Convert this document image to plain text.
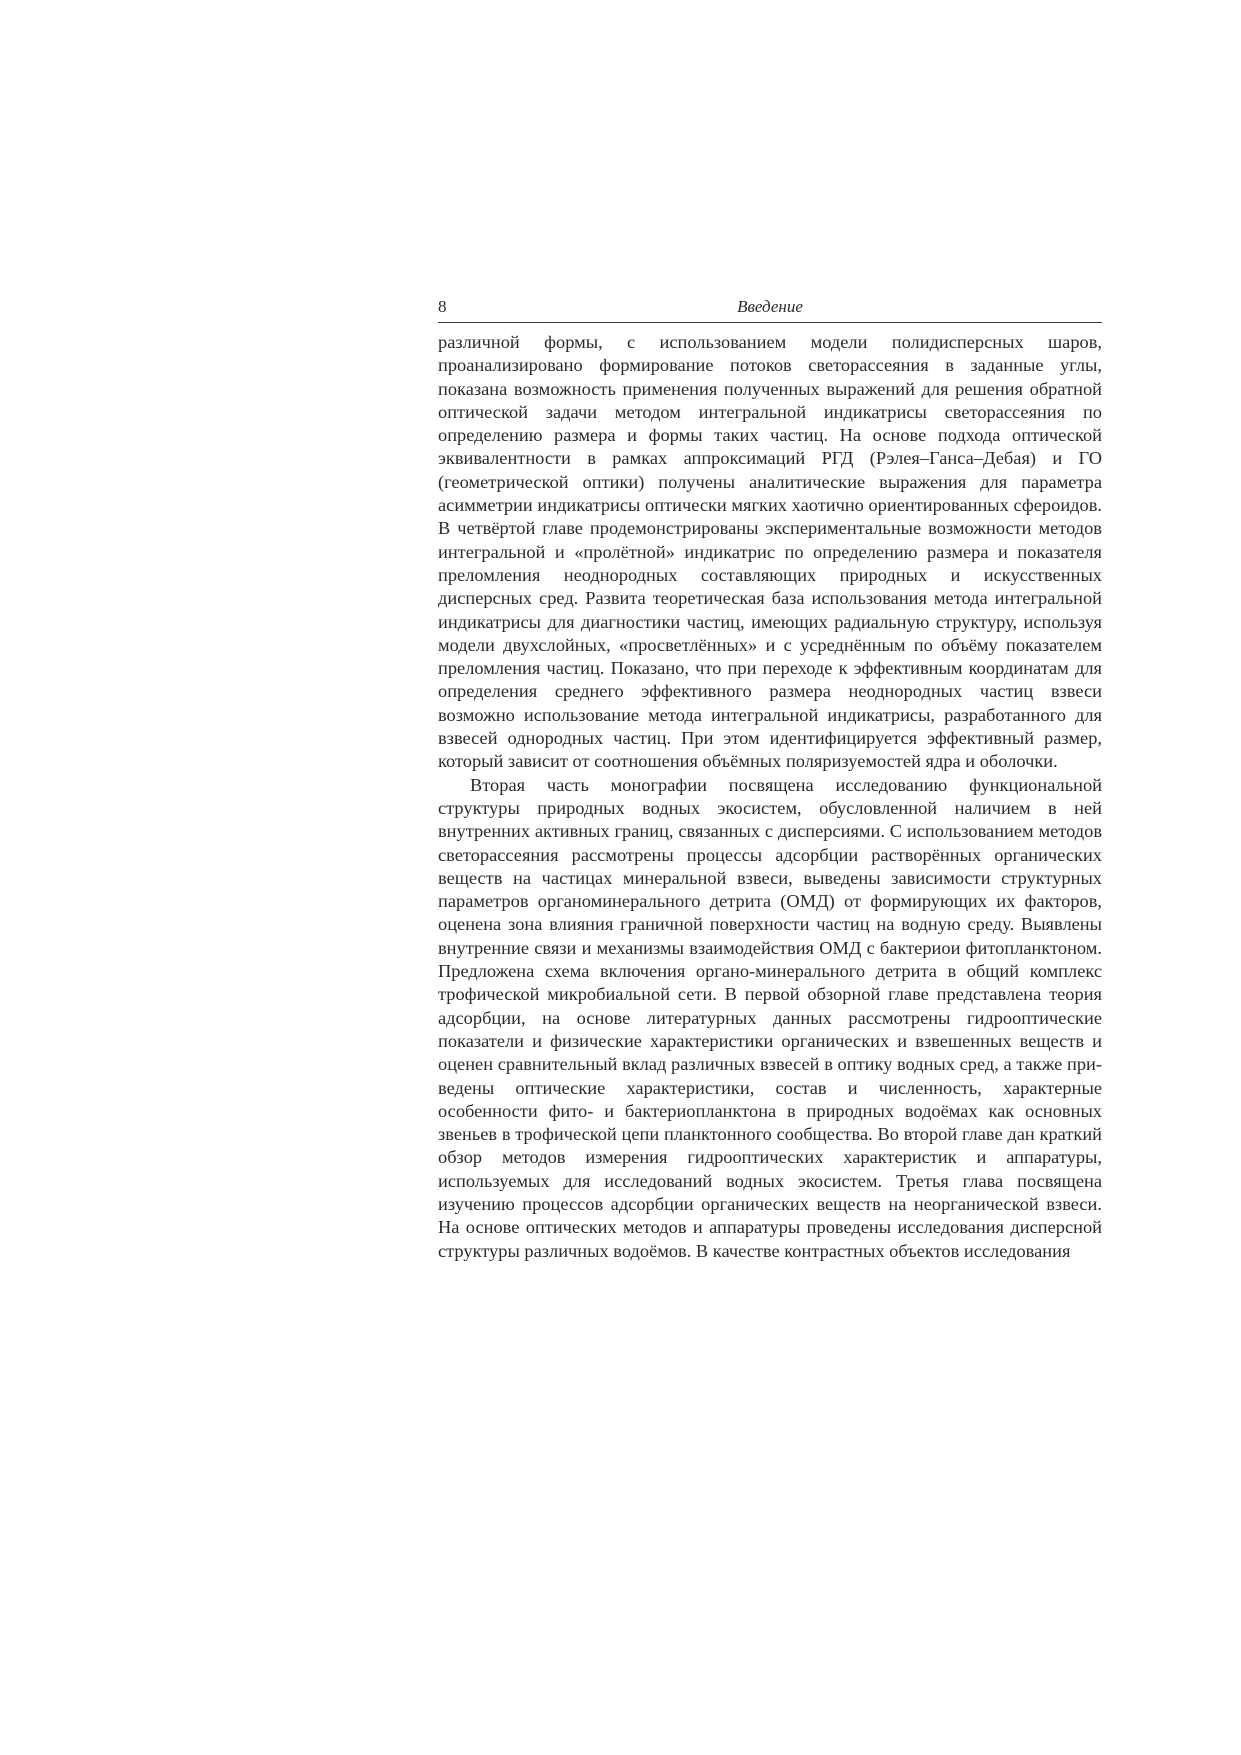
8	Введение

различной формы, с использованием модели полидисперсных шаров, проанализировано формирование потоков светорассеяния в заданные углы, показана возможность применения полученных выражений для решения обратной оптической задачи методом интегральной индикатрисы светорассеяния по определению размера и формы таких частиц. На основе подхода оптической эквивалентности в рамках аппроксимаций РГД (Рэлея–Ганса–Дебая) и ГО (геометрической оптики) получены аналитические выражения для параметра асимметрии индикатрисы оптически мягких хаотично ориентированных сфероидов. В четвёртой главе продемонстрированы экспериментальные возможности методов интегральной и «пролётной» индикатрис по определению размера и показателя преломления неоднородных составляющих природных и искусственных дисперсных сред. Развита теоретическая база использования метода интегральной индикатрисы для диагностики частиц, имеющих радиальную структуру, используя модели двухслойных, «просветлённых» и с усреднённым по объёму показателем преломления частиц. Показано, что при переходе к эффективным координатам для определения среднего эффективного размера неоднородных частиц взвеси возможно использование метода интегральной индикатрисы, разработанного для взвесей однородных частиц. При этом идентифицируется эффективный размер, который зависит от соотношения объёмных поляризуемостей ядра и оболочки.

Вторая часть монографии посвящена исследованию функциональной структуры природных водных экосистем, обусловленной наличием в ней внутренних активных границ, связанных с дисперсиями. С использованием методов светорассеяния рассмотрены процессы адсорбции растворённых органических веществ на частицах минеральной взвеси, выведены зависимости структурных параметров органоминерального детрита (ОМД) от формирующих их факторов, оценена зона влияния граничной поверхности частиц на водную среду. Выявлены внутренние связи и механизмы взаимодействия ОМД с бактериои фитопланктоном. Предложена схема включения органо-минерального детрита в общий комплекс трофической микробиальной сети. В первой обзорной главе представлена теория адсорбции, на основе литературных данных рассмотрены гидрооптические показатели и физические характеристики органических и взвешенных веществ и оценен сравнительный вклад различных взвесей в оптику водных сред, а также приведены оптические характеристики, состав и численность, характерные особенности фито- и бактериопланктона в природных водоёмах как основных звеньев в трофической цепи планктонного сообщества. Во второй главе дан краткий обзор методов измерения гидрооптических характеристик и аппаратуры, используемых для исследований водных экосистем. Третья глава посвящена изучению процессов адсорбции органических веществ на неорганической взвеси. На основе оптических методов и аппаратуры проведены исследования дисперсной структуры различных водоёмов. В качестве контрастных объектов исследования
